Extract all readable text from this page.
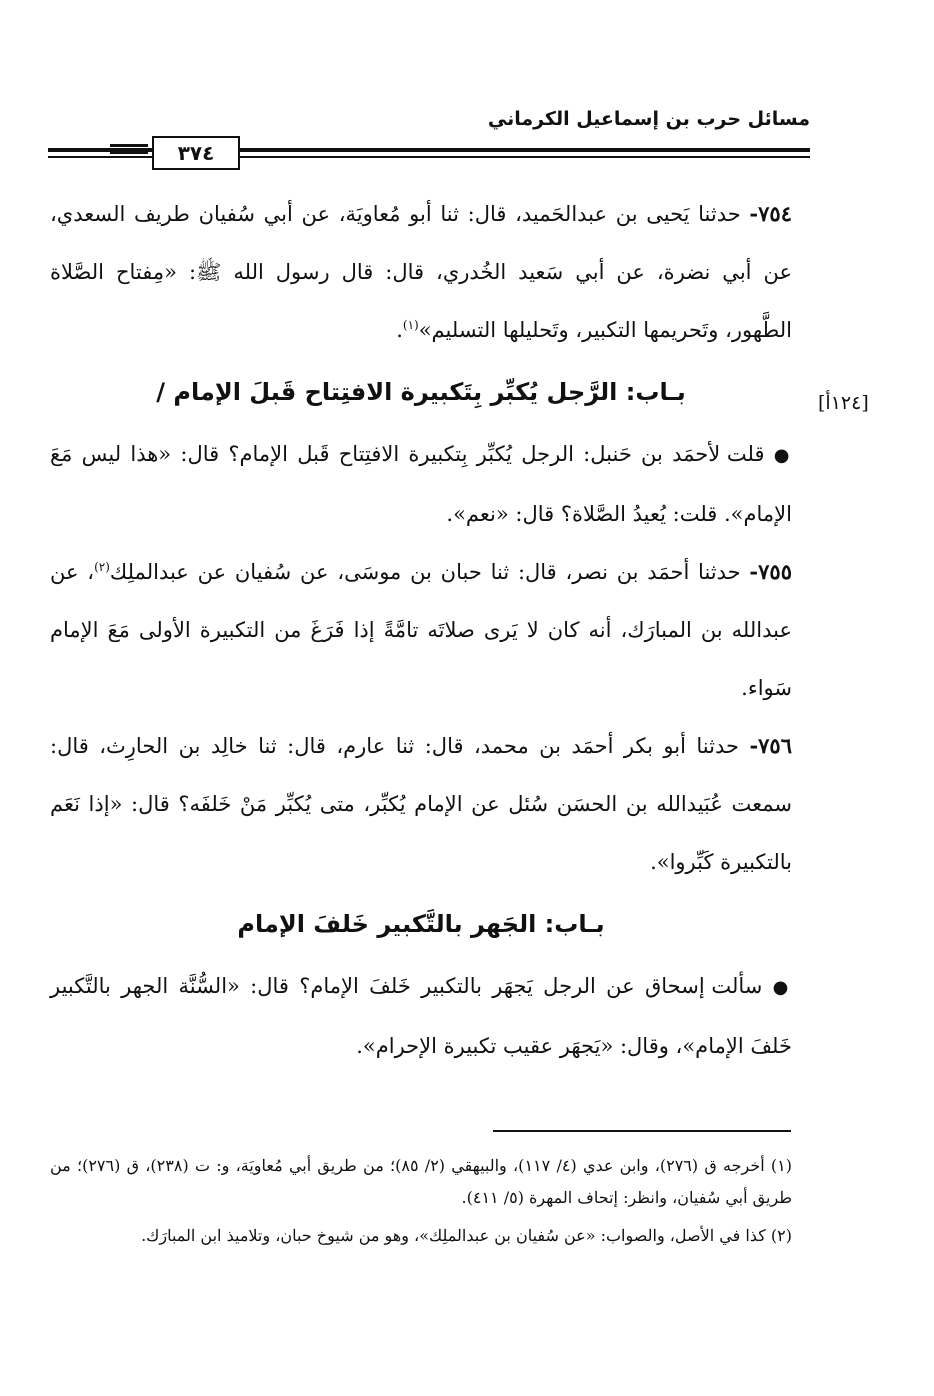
مسائل حرب بن إسماعيل الكرماني
٣٧٤
[١٢٤أ]

٧٥٤- حدثنا يَحيى بن عبدالحَميد، قال: ثنا أبو مُعاويَة، عن أبي سُفيان طريف السعدي، عن أبي نضرة، عن أبي سَعيد الخُدري، قال: قال رسول الله ﷺ: «مِفتاح الصَّلاة الطَّهور، وتَحريمها التكبير، وتَحليلها التسليم»$^{(١)}$.

بـاب: الرَّجل يُكبِّر بِتَكبيرة الافتِتاح قَبلَ الإمام /

● قلت لأحمَد بن حَنبل: الرجل يُكبِّر بِتكبيرة الافتِتاح قَبل الإمام؟ قال: «هذا ليس مَعَ الإمام». قلت: يُعيدُ الصَّلاة؟ قال: «نعم».

٧٥٥- حدثنا أحمَد بن نصر، قال: ثنا حبان بن موسَى، عن سُفيان عن عبدالملِك$^{(٢)}$، عن عبدالله بن المبارَك، أنه كان لا يَرى صلاتَه تامَّةً إذا فَرَغَ من التكبيرة الأولى مَعَ الإمام سَواء.

٧٥٦- حدثنا أبو بكر أحمَد بن محمد، قال: ثنا عارم، قال: ثنا خالِد بن الحارِث، قال: سمعت عُبَيدالله بن الحسَن سُئل عن الإمام يُكبِّر، متى يُكبِّر مَنْ خَلفَه؟ قال: «إذا نَعَم بالتكبيرة كَبِّروا».

بـاب: الجَهر بالتَّكبير خَلفَ الإمام

● سألت إسحاق عن الرجل يَجهَر بالتكبير خَلفَ الإمام؟ قال: «السُّنَّة الجهر بالتَّكبير خَلفَ الإمام»، وقال: «يَجهَر عقيب تكبيرة الإحرام».

(١) أخرجه ق (٢٧٦)، وابن عدي (٤/ ١١٧)، والبيهقي (٢/ ٨٥)؛ من طريق أبي مُعاويَة، و: ت (٢٣٨)، ق (٢٧٦)؛ من طريق أبي سُفيان، وانظر: إتحاف المهرة (٥/ ٤١١).

(٢) كذا في الأصل، والصواب: «عن سُفيان بن عبدالملِك»، وهو من شيوخ حبان، وتلاميذ ابن المبارَك.
